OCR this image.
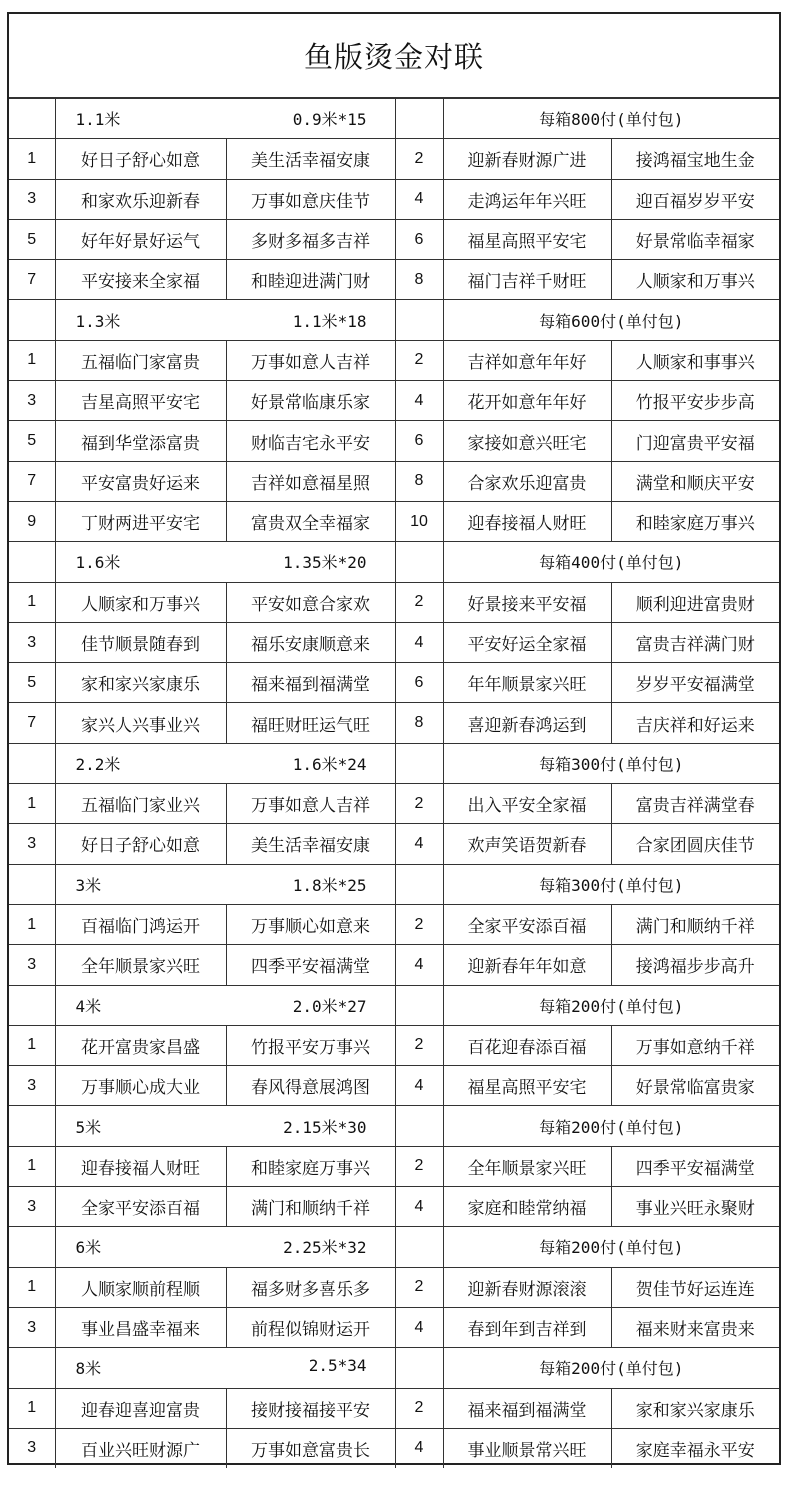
鱼版烫金对联

	1.1米 0.9米*15			每箱800付(单付包)	
1	好日子舒心如意	美生活幸福安康	2	迎新春财源广进	接鸿福宝地生金
3	和家欢乐迎新春	万事如意庆佳节	4	走鸿运年年兴旺	迎百福岁岁平安
5	好年好景好运气	多财多福多吉祥	6	福星高照平安宅	好景常临幸福家
7	平安接来全家福	和睦迎进满门财	8	福门吉祥千财旺	人顺家和万事兴

	1.3米 1.1米*18			每箱600付(单付包)	
1	五福临门家富贵	万事如意人吉祥	2	吉祥如意年年好	人顺家和事事兴
3	吉星高照平安宅	好景常临康乐家	4	花开如意年年好	竹报平安步步高
5	福到华堂添富贵	财临吉宅永平安	6	家接如意兴旺宅	门迎富贵平安福
7	平安富贵好运来	吉祥如意福星照	8	合家欢乐迎富贵	满堂和顺庆平安
9	丁财两进平安宅	富贵双全幸福家	10	迎春接福人财旺	和睦家庭万事兴

	1.6米 1.35米*20			每箱400付(单付包)	
1	人顺家和万事兴	平安如意合家欢	2	好景接来平安福	顺利迎进富贵财
3	佳节顺景随春到	福乐安康顺意来	4	平安好运全家福	富贵吉祥满门财
5	家和家兴家康乐	福来福到福满堂	6	年年顺景家兴旺	岁岁平安福满堂
7	家兴人兴事业兴	福旺财旺运气旺	8	喜迎新春鸿运到	吉庆祥和好运来

	2.2米 1.6米*24			每箱300付(单付包)	
1	五福临门家业兴	万事如意人吉祥	2	出入平安全家福	富贵吉祥满堂春
3	好日子舒心如意	美生活幸福安康	4	欢声笑语贺新春	合家团圆庆佳节

	3米 1.8米*25			每箱300付(单付包)	
1	百福临门鸿运开	万事顺心如意来	2	全家平安添百福	满门和顺纳千祥
3	全年顺景家兴旺	四季平安福满堂	4	迎新春年年如意	接鸿福步步高升

	4米 2.0米*27			每箱200付(单付包)	
1	花开富贵家昌盛	竹报平安万事兴	2	百花迎春添百福	万事如意纳千祥
3	万事顺心成大业	春风得意展鸿图	4	福星高照平安宅	好景常临富贵家

	5米 2.15米*30			每箱200付(单付包)	
1	迎春接福人财旺	和睦家庭万事兴	2	全年顺景家兴旺	四季平安福满堂
3	全家平安添百福	满门和顺纳千祥	4	家庭和睦常纳福	事业兴旺永聚财

	6米 2.25米*32			每箱200付(单付包)	
1	人顺家顺前程顺	福多财多喜乐多	2	迎新春财源滚滚	贺佳节好运连连
3	事业昌盛幸福来	前程似锦财运开	4	春到年到吉祥到	福来财来富贵来

	8米 2.5*34			每箱200付(单付包)	
1	迎春迎喜迎富贵	接财接福接平安	2	福来福到福满堂	家和家兴家康乐
3	百业兴旺财源广	万事如意富贵长	4	事业顺景常兴旺	家庭幸福永平安
